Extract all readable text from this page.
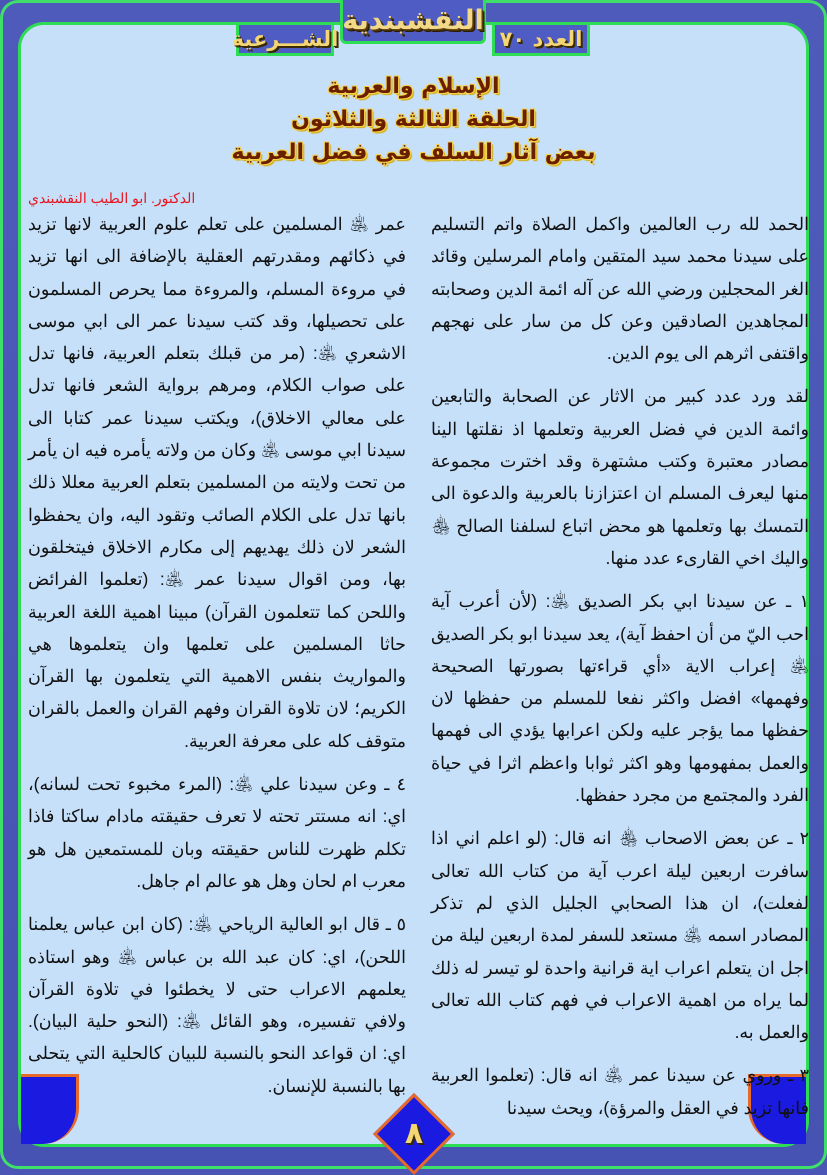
النقشبندية
الشـــرعية	العدد ٧٠
الإسلام والعربية
الحلقة الثالثة والثلاثون
بعض آثار السلف في فضل العربية
الدكتور. ابو الطيب النقشبندي

الحمد لله رب العالمين واكمل الصلاة واتم التسليم على سيدنا محمد سيد المتقين وامام المرسلين وقائد الغر المحجلين ورضي الله عن آله ائمة الدين وصحابته المجاهدين الصادقين وعن كل من سار على نهجهم واقتفى اثرهم الى يوم الدين.

لقد ورد عدد كبير من الاثار عن الصحابة والتابعين وائمة الدين في فضل العربية وتعلمها اذ نقلتها الينا مصادر معتبرة وكتب مشتهرة وقد اخترت مجموعة منها ليعرف المسلم ان اعتزازنا بالعربية والدعوة الى التمسك بها وتعلمها هو محض اتباع لسلفنا الصالح ﵃ واليك اخي القارىء عدد منها.

١ ـ عن سيدنا ابي بكر الصديق ﵁: (لأن أعرب آية احب اليّ من أن احفظ آية)، يعد سيدنا ابو بكر الصديق ﵁ إعراب الاية «أي قراءتها بصورتها الصحيحة وفهمها» افضل واكثر نفعا للمسلم من حفظها لان حفظها مما يؤجر عليه ولكن اعرابها يؤدي الى فهمها والعمل بمفهومها وهو اكثر ثوابا واعظم اثرا في حياة الفرد والمجتمع من مجرد حفظها.

٢ ـ عن بعض الاصحاب ﵃ انه قال: (لو اعلم اني اذا سافرت اربعين ليلة اعرب آية من كتاب الله تعالى لفعلت)، ان هذا الصحابي الجليل الذي لم تذكر المصادر اسمه ﵁ مستعد للسفر لمدة اربعين ليلة من اجل ان يتعلم اعراب اية قرانية واحدة لو تيسر له ذلك لما يراه من اهمية الاعراب في فهم كتاب الله تعالى والعمل به.

٣ ـ وروي عن سيدنا عمر ﵁ انه قال: (تعلموا العربية فانها تزيد في العقل والمرؤة)، ويحث سيدنا

عمر ﵁ المسلمين على تعلم علوم العربية لانها تزيد في ذكائهم ومقدرتهم العقلية بالإضافة الى انها تزيد في مروءة المسلم، والمروءة مما يحرص المسلمون على تحصيلها، وقد كتب سيدنا عمر الى ابي موسى الاشعري ﵁: (مر من قبلك بتعلم العربية، فانها تدل على صواب الكلام، ومرهم برواية الشعر فانها تدل على معالي الاخلاق)، ويكتب سيدنا عمر كتابا الى سيدنا ابي موسى ﵁ وكان من ولاته يأمره فيه ان يأمر من تحت ولايته من المسلمين بتعلم العربية معللا ذلك بانها تدل على الكلام الصائب وتقود اليه، وان يحفظوا الشعر لان ذلك يهديهم إلى مكارم الاخلاق فيتخلقون بها، ومن اقوال سيدنا عمر ﵁: (تعلموا الفرائض واللحن كما تتعلمون القرآن) مبينا اهمية اللغة العربية حاثا المسلمين على تعلمها وان يتعلموها هي والمواريث بنفس الاهمية التي يتعلمون بها القرآن الكريم؛ لان تلاوة القران وفهم القران والعمل بالقران متوقف كله على معرفة العربية.

٤ ـ وعن سيدنا علي ﵁: (المرء مخبوء تحت لسانه)، اي: انه مستتر تحته لا تعرف حقيقته مادام ساكتا فاذا تكلم ظهرت للناس حقيقته وبان للمستمعين هل هو معرب ام لحان وهل هو عالم ام جاهل.

٥ ـ قال ابو العالية الرياحي ﵁: (كان ابن عباس يعلمنا اللحن)، اي: كان عبد الله بن عباس ﵁ وهو استاذه يعلمهم الاعراب حتى لا يخطئوا في تلاوة القرآن ولافي تفسيره، وهو القائل ﵁: (النحو حلية البيان). اي: ان قواعد النحو بالنسبة للبيان كالحلية التي يتحلى بها بالنسبة للإنسان.

٨
